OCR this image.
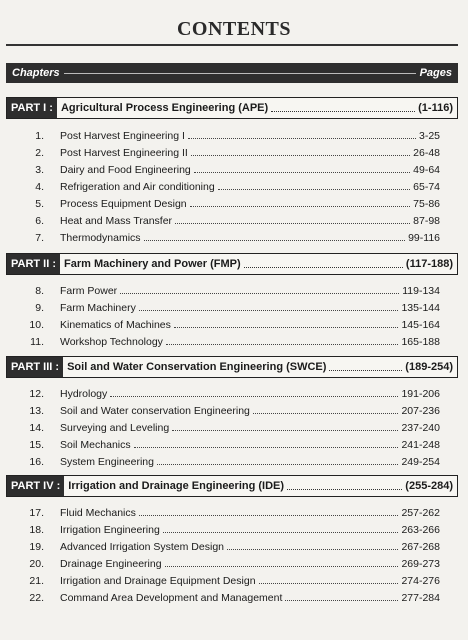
CONTENTS
Chapters	Pages
PART I : Agricultural Process Engineering (APE)	(1-116)
1. Post Harvest Engineering I	3-25
2. Post Harvest Engineering II	26-48
3. Dairy and Food Engineering	49-64
4. Refrigeration and Air conditioning	65-74
5. Process Equipment Design	75-86
6. Heat and Mass Transfer	87-98
7. Thermodynamics	99-116
PART II : Farm Machinery and Power (FMP)	(117-188)
8. Farm Power	119-134
9. Farm Machinery	135-144
10. Kinematics of Machines	145-164
11. Workshop Technology	165-188
PART III : Soil and Water Conservation Engineering (SWCE)	(189-254)
12. Hydrology	191-206
13. Soil and Water conservation Engineering	207-236
14. Surveying and Leveling	237-240
15. Soil Mechanics	241-248
16. System Engineering	249-254
PART IV : Irrigation and Drainage Engineering (IDE)	(255-284)
17. Fluid Mechanics	257-262
18. Irrigation Engineering	263-266
19. Advanced Irrigation System Design	267-268
20. Drainage Engineering	269-273
21. Irrigation and Drainage Equipment Design	274-276
22. Command Area Development and Management	277-284
